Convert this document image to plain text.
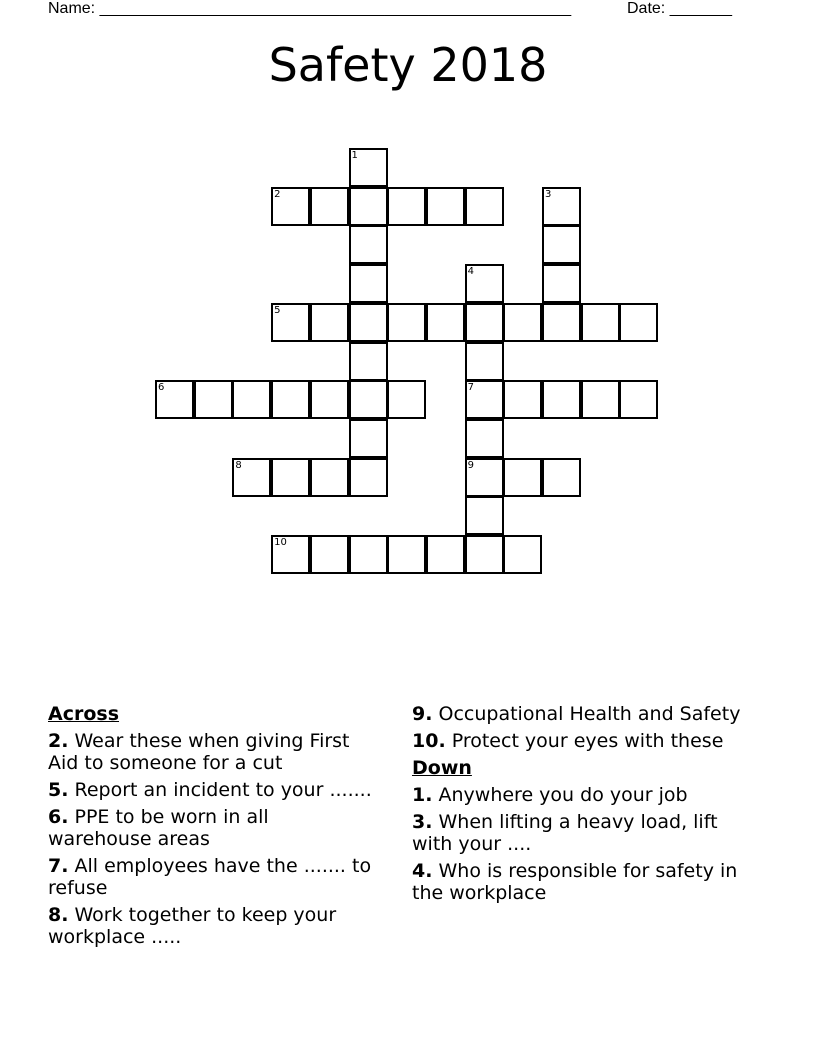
Name: _____________________________________________________	Date: _______
Safety 2018
1
2	3
4
7
9
5
6
8
10
Across
2. Wear these when giving First Aid to someone for a cut
5. Report an incident to your .......
6. PPE to be worn in all warehouse areas
7. All employees have the ....... to refuse
8. Work together to keep your workplace .....
9. Occupational Health and Safety
10. Protect your eyes with these
Down
1. Anywhere you do your job
3. When lifting a heavy load, lift with your ....
4. Who is responsible for safety in the workplace
